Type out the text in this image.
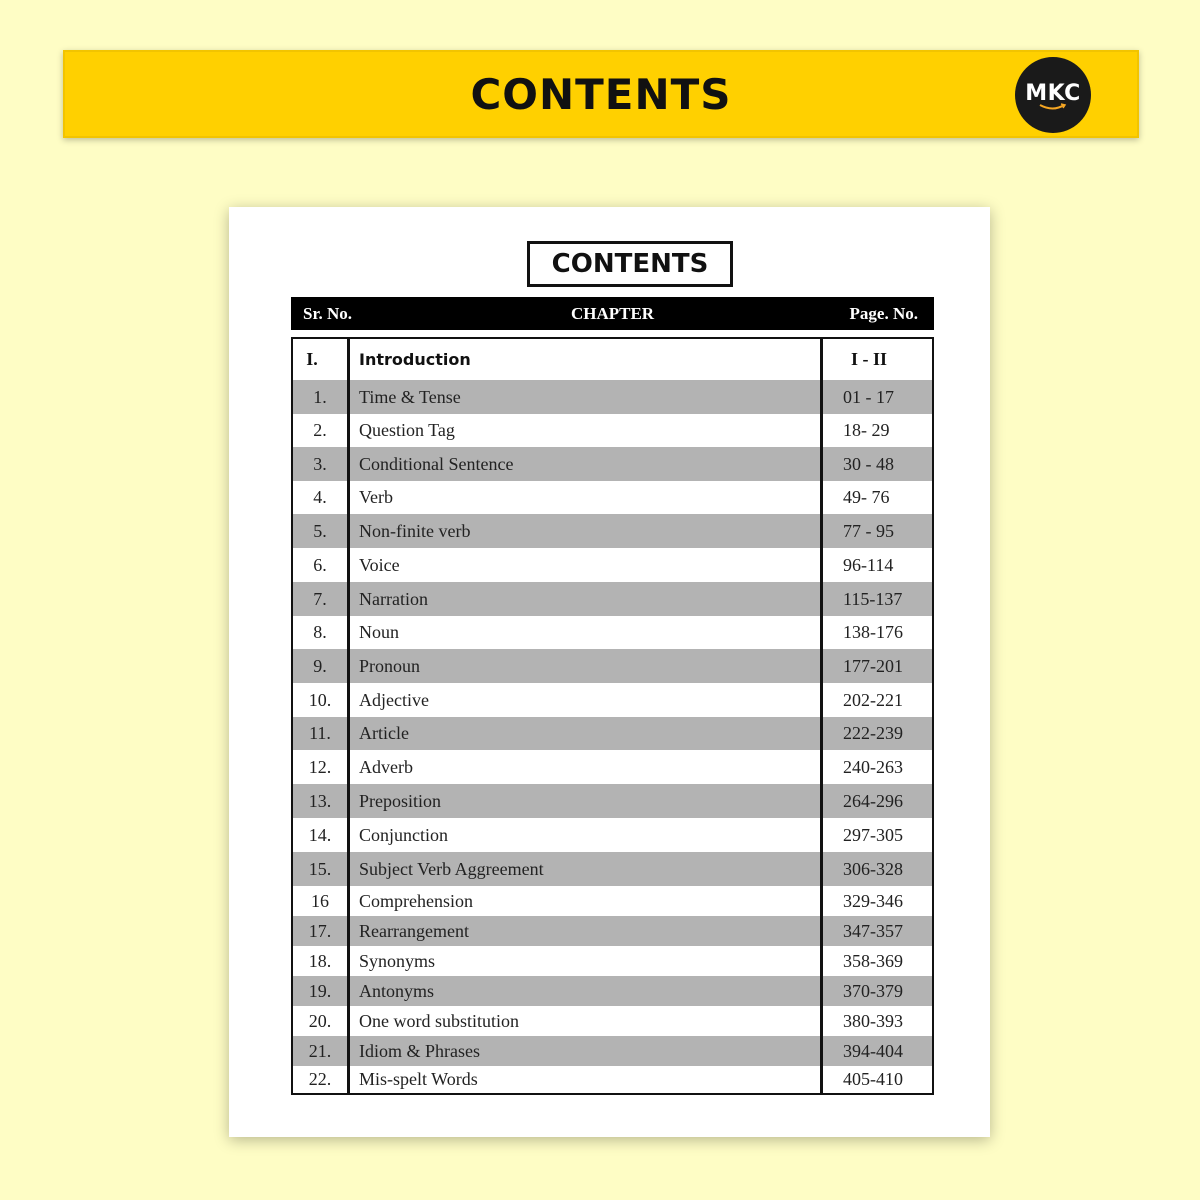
CONTENTS	MKC
CONTENTS
Sr. No.	CHAPTER	Page. No.
I.	Introduction	I - II
1.	Time & Tense	01 - 17
2.	Question Tag	18- 29
3.	Conditional Sentence	30 - 48
4.	Verb	49- 76
5.	Non-finite verb	77 - 95
6.	Voice	96-114
7.	Narration	115-137
8.	Noun	138-176
9.	Pronoun	177-201
10.	Adjective	202-221
11.	Article	222-239
12.	Adverb	240-263
13.	Preposition	264-296
14.	Conjunction	297-305
15.	Subject Verb Aggreement	306-328
16	Comprehension	329-346
17.	Rearrangement	347-357
18.	Synonyms	358-369
19.	Antonyms	370-379
20.	One word substitution	380-393
21.	Idiom & Phrases	394-404
22.	Mis-spelt Words	405-410
